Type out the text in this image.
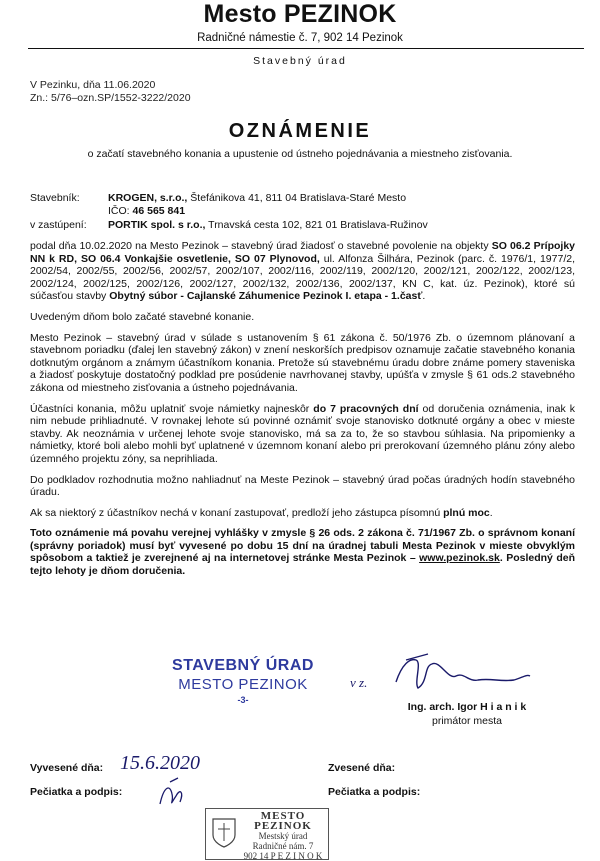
Mesto PEZINOK
Radničné námestie č. 7, 902 14 Pezinok
Stavebný úrad
V Pezinku, dňa 11.06.2020
Zn.: 5/76–ozn.SP/1552-3222/2020
OZNÁMENIE
o začatí stavebného konania a upustenie od ústneho pojednávania a miestneho zisťovania.
Stavebník:	KROGEN, s.r.o., Štefánikova 41, 811 04 Bratislava-Staré Mesto
IČO: 46 565 841
v zastúpení: PORTIK spol. s r.o., Trnavská cesta 102, 821 01 Bratislava-Ružinov

podal dňa 10.02.2020 na Mesto Pezinok – stavebný úrad žiadosť o stavebné povolenie na objekty SO 06.2 Prípojky NN k RD, SO 06.4 Vonkajšie osvetlenie, SO 07 Plynovod, ul. Alfonza Šilhára, Pezinok (parc. č. 1976/1, 1977/2, 2002/54, 2002/55, 2002/56, 2002/57, 2002/107, 2002/116, 2002/119, 2002/120, 2002/121, 2002/122, 2002/123, 2002/124, 2002/125, 2002/126, 2002/127, 2002/132, 2002/136, 2002/137, KN C, kat. úz. Pezinok), ktoré sú súčasťou stavby Obytný súbor - Cajlanské Záhumenice Pezinok I. etapa - 1.časť.

Uvedeným dňom bolo začaté stavebné konanie.

Mesto Pezinok – stavebný úrad v súlade s ustanovením § 61 zákona č. 50/1976 Zb. o územnom plánovaní a stavebnom poriadku (ďalej len stavebný zákon) v znení neskorších predpisov oznamuje začatie stavebného konania dotknutým orgánom a známym účastníkom konania. Pretože sú stavebnému úradu dobre známe pomery staveniska a žiadosť poskytuje dostatočný podklad pre posúdenie navrhovanej stavby, upúšťa v zmysle § 61 ods.2 stavebného zákona od miestneho zisťovania a ústneho pojednávania.

Účastníci konania, môžu uplatniť svoje námietky najneskôr do 7 pracovných dní od doručenia oznámenia, inak k nim nebude prihliadnuté. V rovnakej lehote sú povinné oznámiť svoje stanovisko dotknuté orgány a obec v mieste stavby. Ak neoznámia v určenej lehote svoje stanovisko, má sa za to, že so stavbou súhlasia. Na pripomienky a námietky, ktoré boli alebo mohli byť uplatnené v územnom konaní alebo pri prerokovaní územného plánu zóny alebo územného projektu zóny, sa neprihliada.

Do podkladov rozhodnutia možno nahliadnuť na Meste Pezinok – stavebný úrad počas úradných hodín stavebného úradu.

Ak sa niektorý z účastníkov nechá v konaní zastupovať, predloží jeho zástupca písomnú plnú moc.

Toto oznámenie má povahu verejnej vyhlášky v zmysle § 26 ods. 2 zákona č. 71/1967 Zb. o správnom konaní (správny poriadok) musí byť vyvesené po dobu 15 dní na úradnej tabuli Mesta Pezinok v mieste obvyklým spôsobom a taktiež je zverejnené aj na internetovej stránke Mesta Pezinok – www.pezinok.sk. Posledný deň tejto lehoty je dňom doručenia.

STAVEBNÝ ÚRAD
MESTO PEZINOK
-3-
v z.
Ing. arch. Igor H i a n i k
primátor mesta
Vyvesené dňa: 15.6.2020	Zvesené dňa:
Pečiatka a podpis:	Pečiatka a podpis:
MESTO PEZINOK
Mestský úrad
Radničné nám. 7
902 14 P E Z I N O K
